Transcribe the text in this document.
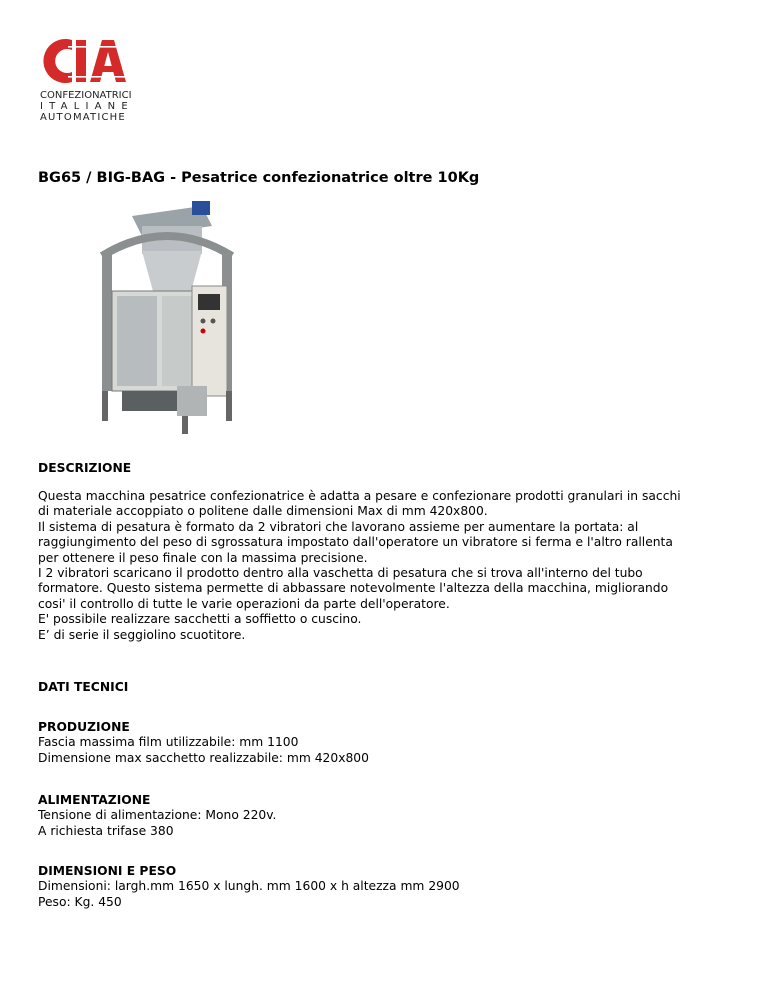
CONFEZIONATRICI
ITALIANE
AUTOMATICHE
BG65 / BIG-BAG - Pesatrice confezionatrice oltre 10Kg
DESCRIZIONE
Questa macchina pesatrice confezionatrice è adatta a pesare e confezionare prodotti granulari in sacchi
di materiale accoppiato o politene dalle dimensioni Max di mm 420x800.
Il sistema di pesatura è formato da 2 vibratori che lavorano assieme per aumentare la portata: al
raggiungimento del peso di sgrossatura impostato dall'operatore un vibratore si ferma e l'altro rallenta
per ottenere il peso finale con la massima precisione.
I 2 vibratori scaricano il prodotto dentro alla vaschetta di pesatura che si trova all'interno del tubo
formatore. Questo sistema permette di abbassare notevolmente l'altezza della macchina, migliorando
cosi' il controllo di tutte le varie operazioni da parte dell'operatore.
E' possibile realizzare sacchetti a soffietto o cuscino.
E’ di serie il seggiolino scuotitore.
DATI TECNICI
PRODUZIONE
Fascia massima film utilizzabile: mm 1100
Dimensione max sacchetto realizzabile: mm 420x800
ALIMENTAZIONE
Tensione di alimentazione: Mono 220v.
A richiesta trifase 380
DIMENSIONI E PESO
Dimensioni: largh.mm 1650 x lungh. mm 1600 x h altezza mm 2900
Peso: Kg. 450
